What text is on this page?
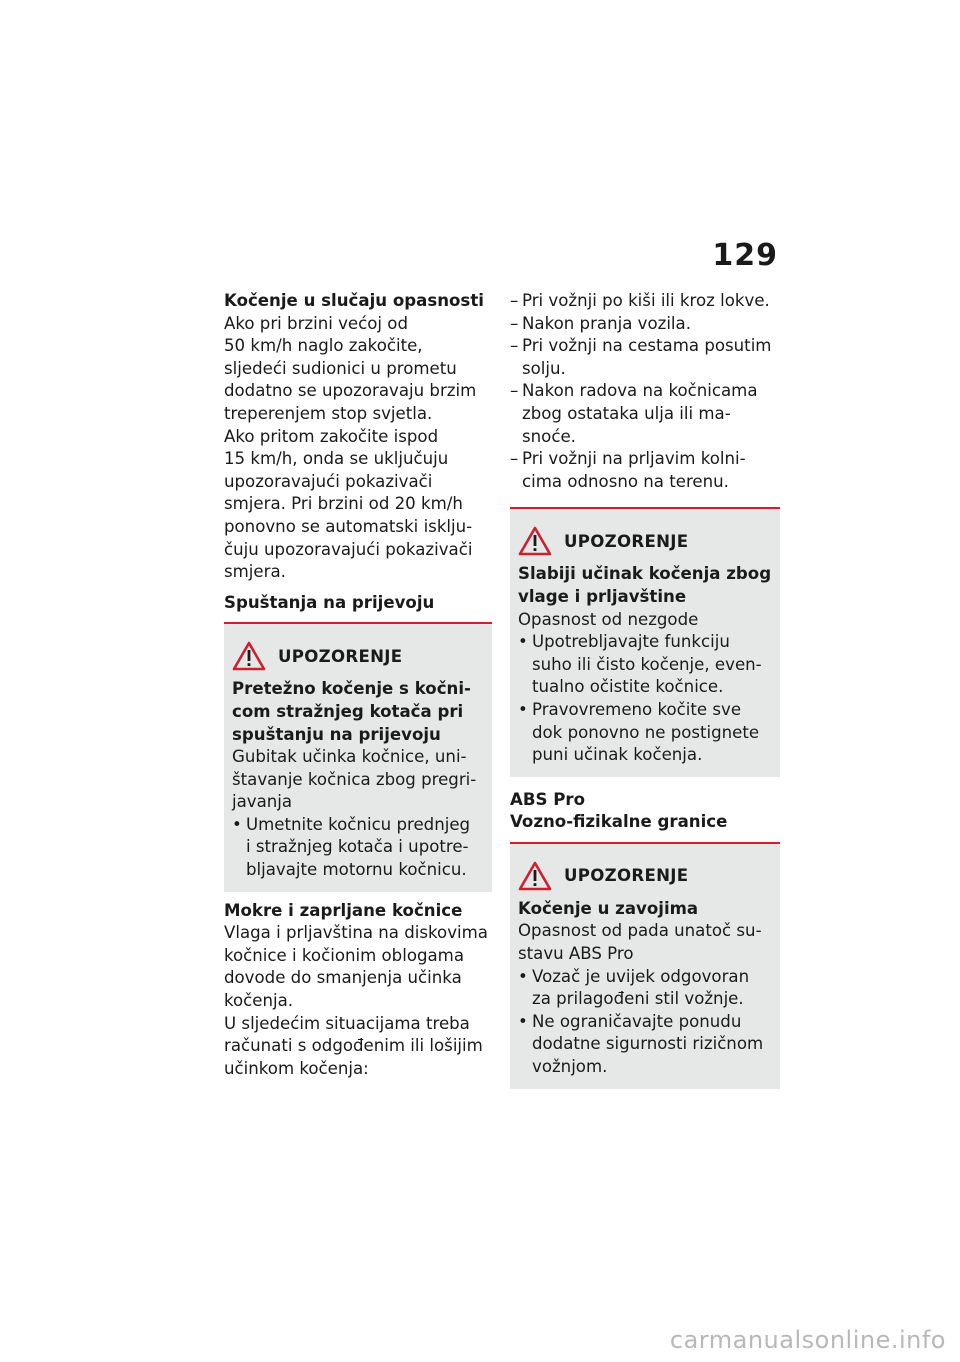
129

Kočenje u slučaju opasnosti

Ako pri brzini većoj od
50 km/h naglo zakočite,
sljedeći sudionici u prometu
dodatno se upozoravaju brzim
treperenjem stop svjetla.
Ako pritom zakočite ispod
15 km/h, onda se uključuju
upozoravajući pokazivači
smjera. Pri brzini od 20 km/h
ponovno se automatski isklju-
čuju upozoravajući pokazivači
smjera.

Spuštanja na prijevoju

UPOZORENJE

Pretežno kočenje s kočni-
com stražnjeg kotača pri
spuštanju na prijevoju

Gubitak učinka kočnice, uni-
štavanje kočnica zbog pregri-
javanja

• Umetnite kočnicu prednjeg
i stražnjeg kotača i upotre-
bljavajte motornu kočnicu.

Mokre i zaprljane kočnice

Vlaga i prljavština na diskovima
kočnice i kočionim oblogama
dovode do smanjenja učinka
kočenja.
U sljedećim situacijama treba
računati s odgođenim ili lošijim
učinkom kočenja:

– Pri vožnji po kiši ili kroz lokve.
– Nakon pranja vozila.
– Pri vožnji na cestama posutim
solju.
– Nakon radova na kočnicama
zbog ostataka ulja ili ma-
snoće.
– Pri vožnji na prljavim kolni-
cima odnosno na terenu.
UPOZORENJE

Slabiji učinak kočenja zbog
vlage i prljavštine

Opasnost od nezgode

• Upotrebljavajte funkciju
suho ili čisto kočenje, even-
tualno očistite kočnice.
• Pravovremeno kočite sve
dok ponovno ne postignete
puni učinak kočenja.

ABS Pro
Vozno-fizikalne granice

UPOZORENJE

Kočenje u zavojima

Opasnost od pada unatoč su-
stavu ABS Pro

• Vozač je uvijek odgovoran
za prilagođeni stil vožnje.
• Ne ograničavajte ponudu
dodatne sigurnosti rizičnom
vožnjom.
carmanualsonline.info
